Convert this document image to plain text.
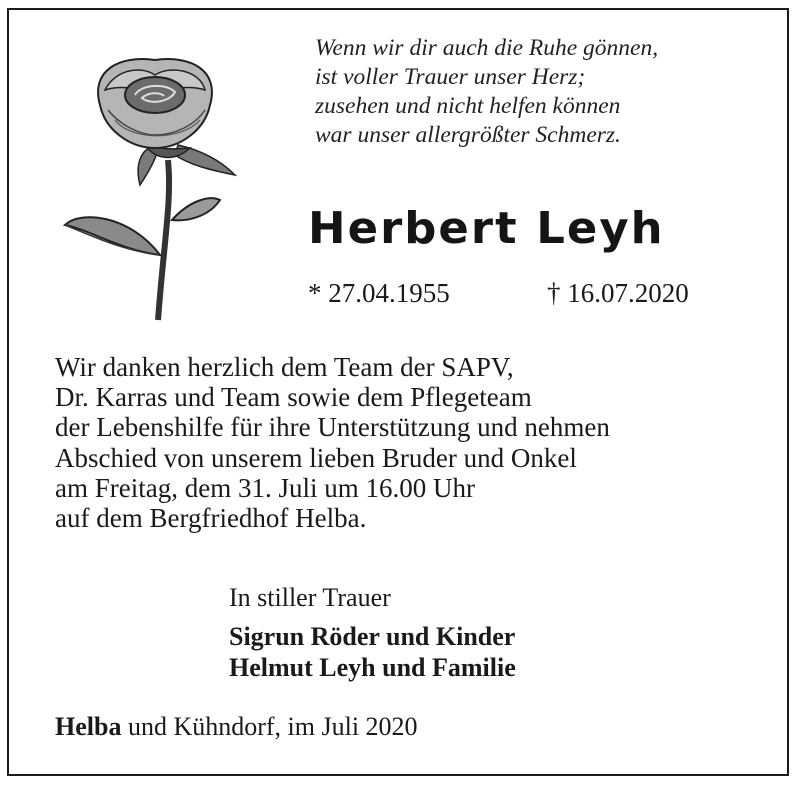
Wenn wir dir auch die Ruhe gönnen,
ist voller Trauer unser Herz;
zusehen und nicht helfen können
war unser allergrößter Schmerz.
Herbert Leyh
* 27.04.1955	† 16.07.2020
Wir danken herzlich dem Team der SAPV,
Dr. Karras und Team sowie dem Pflegeteam
der Lebenshilfe für ihre Unterstützung und nehmen
Abschied von unserem lieben Bruder und Onkel
am Freitag, dem 31. Juli um 16.00 Uhr
auf dem Bergfriedhof Helba.
In stiller Trauer
Sigrun Röder und Kinder
Helmut Leyh und Familie
Helba und Kühndorf, im Juli 2020
